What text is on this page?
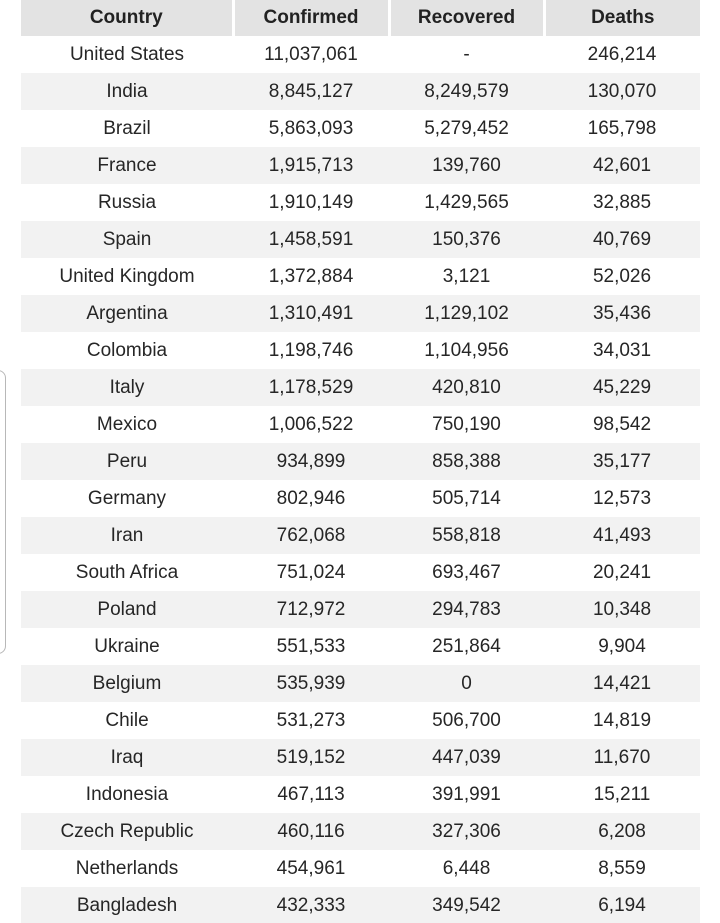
Country	Confirmed	Recovered	Deaths
United States	11,037,061	-	246,214
India	8,845,127	8,249,579	130,070
Brazil	5,863,093	5,279,452	165,798
France	1,915,713	139,760	42,601
Russia	1,910,149	1,429,565	32,885
Spain	1,458,591	150,376	40,769
United Kingdom	1,372,884	3,121	52,026
Argentina	1,310,491	1,129,102	35,436
Colombia	1,198,746	1,104,956	34,031
Italy	1,178,529	420,810	45,229
Mexico	1,006,522	750,190	98,542
Peru	934,899	858,388	35,177
Germany	802,946	505,714	12,573
Iran	762,068	558,818	41,493
South Africa	751,024	693,467	20,241
Poland	712,972	294,783	10,348
Ukraine	551,533	251,864	9,904
Belgium	535,939	0	14,421
Chile	531,273	506,700	14,819
Iraq	519,152	447,039	11,670
Indonesia	467,113	391,991	15,211
Czech Republic	460,116	327,306	6,208
Netherlands	454,961	6,448	8,559
Bangladesh	432,333	349,542	6,194
